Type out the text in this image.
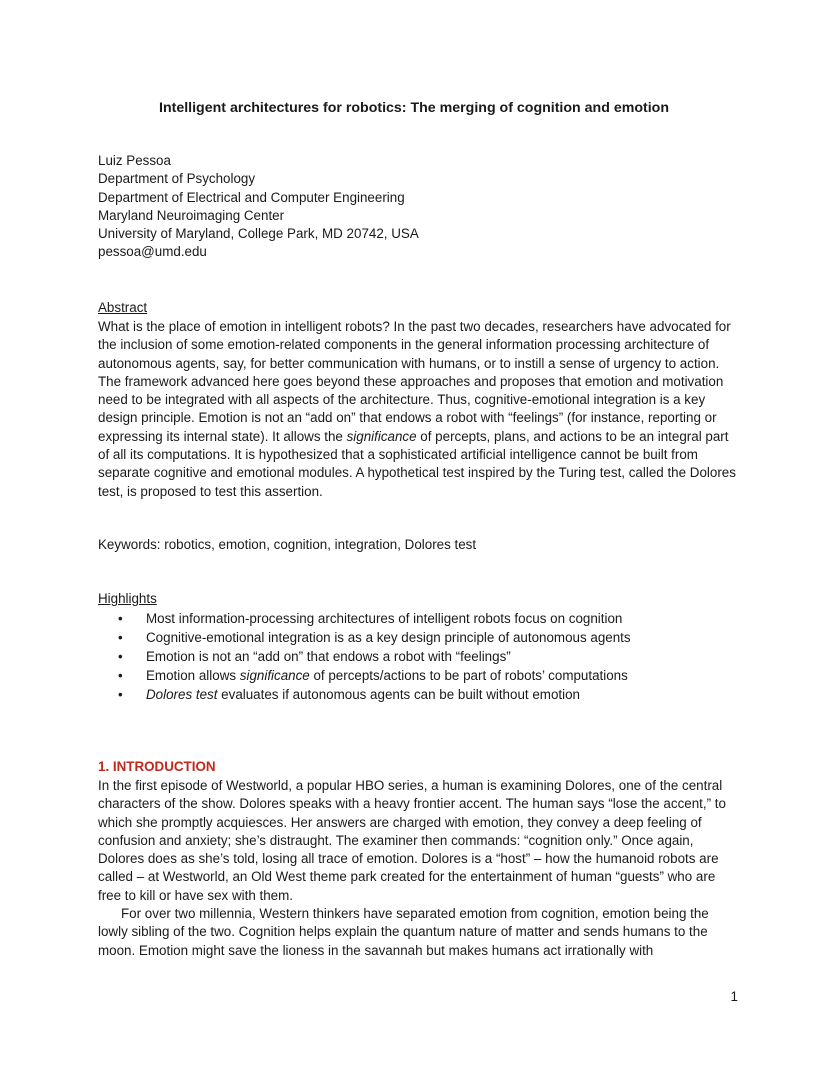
Intelligent architectures for robotics: The merging of cognition and emotion
Luiz Pessoa
Department of Psychology
Department of Electrical and Computer Engineering
Maryland Neuroimaging Center
University of Maryland, College Park, MD 20742, USA
pessoa@umd.edu
Abstract

What is the place of emotion in intelligent robots? In the past two decades, researchers have advocated for the inclusion of some emotion-related components in the general information processing architecture of autonomous agents, say, for better communication with humans, or to instill a sense of urgency to action. The framework advanced here goes beyond these approaches and proposes that emotion and motivation need to be integrated with all aspects of the architecture. Thus, cognitive-emotional integration is a key design principle. Emotion is not an “add on” that endows a robot with “feelings” (for instance, reporting or expressing its internal state). It allows the significance of percepts, plans, and actions to be an integral part of all its computations. It is hypothesized that a sophisticated artificial intelligence cannot be built from separate cognitive and emotional modules. A hypothetical test inspired by the Turing test, called the Dolores test, is proposed to test this assertion.

Keywords: robotics, emotion, cognition, integration, Dolores test
Highlights
• Most information-processing architectures of intelligent robots focus on cognition
• Cognitive-emotional integration is as a key design principle of autonomous agents
• Emotion is not an “add on” that endows a robot with “feelings”
• Emotion allows significance of percepts/actions to be part of robots’ computations
• Dolores test evaluates if autonomous agents can be built without emotion
1. INTRODUCTION

In the first episode of Westworld, a popular HBO series, a human is examining Dolores, one of the central characters of the show. Dolores speaks with a heavy frontier accent. The human says “lose the accent,” to which she promptly acquiesces. Her answers are charged with emotion, they convey a deep feeling of confusion and anxiety; she’s distraught. The examiner then commands: “cognition only.” Once again, Dolores does as she’s told, losing all trace of emotion. Dolores is a “host” – how the humanoid robots are called – at Westworld, an Old West theme park created for the entertainment of human “guests” who are free to kill or have sex with them.

For over two millennia, Western thinkers have separated emotion from cognition, emotion being the lowly sibling of the two. Cognition helps explain the quantum nature of matter and sends humans to the moon. Emotion might save the lioness in the savannah but makes humans act irrationally with

1
